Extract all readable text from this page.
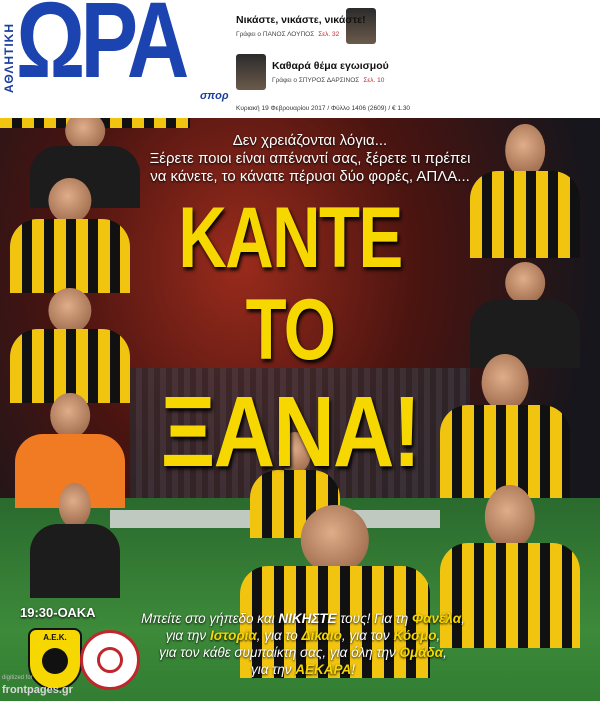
ΑΘΛΗΤΙΚΗ ΩΡΑ σπορ
Νικάστε, νικάστε, νικάστε!
Γράφει ο ΠΑΝΟΣ ΛΟΥΠΟΣ Σελ. 32
Καθαρά θέμα εγωισμού
Γράφει ο ΣΠΥΡΟΣ ΔΑΡΣΙΝΟΣ Σελ. 10
Κυριακή 19 Φεβρουαρίου 2017 / Φύλλο 1406 (2609) / € 1.30
Δεν χρειάζονται λόγια...
Ξέρετε ποιοι είναι απέναντί σας, ξέρετε τι πρέπει
να κάνετε, το κάνατε πέρυσι δύο φορές, ΑΠΛΑ...
ΚΑΝΤΕ ΤΟ
ΞΑΝΑ!
19:30-ΟΑΚΑ
Α.Ε.Κ.
Μπείτε στο γήπεδο και ΝΙΚΗΣΤΕ τους! Για τη Φανέλα,
για την Ιστορία, για το Δίκαιο, για τον Κόσμο,
για τον κάθε συμπαίκτη σας, για όλη την Ομάδα,
για την ΑΕΚΑΡΑ!
digitized for
frontpages.gr
